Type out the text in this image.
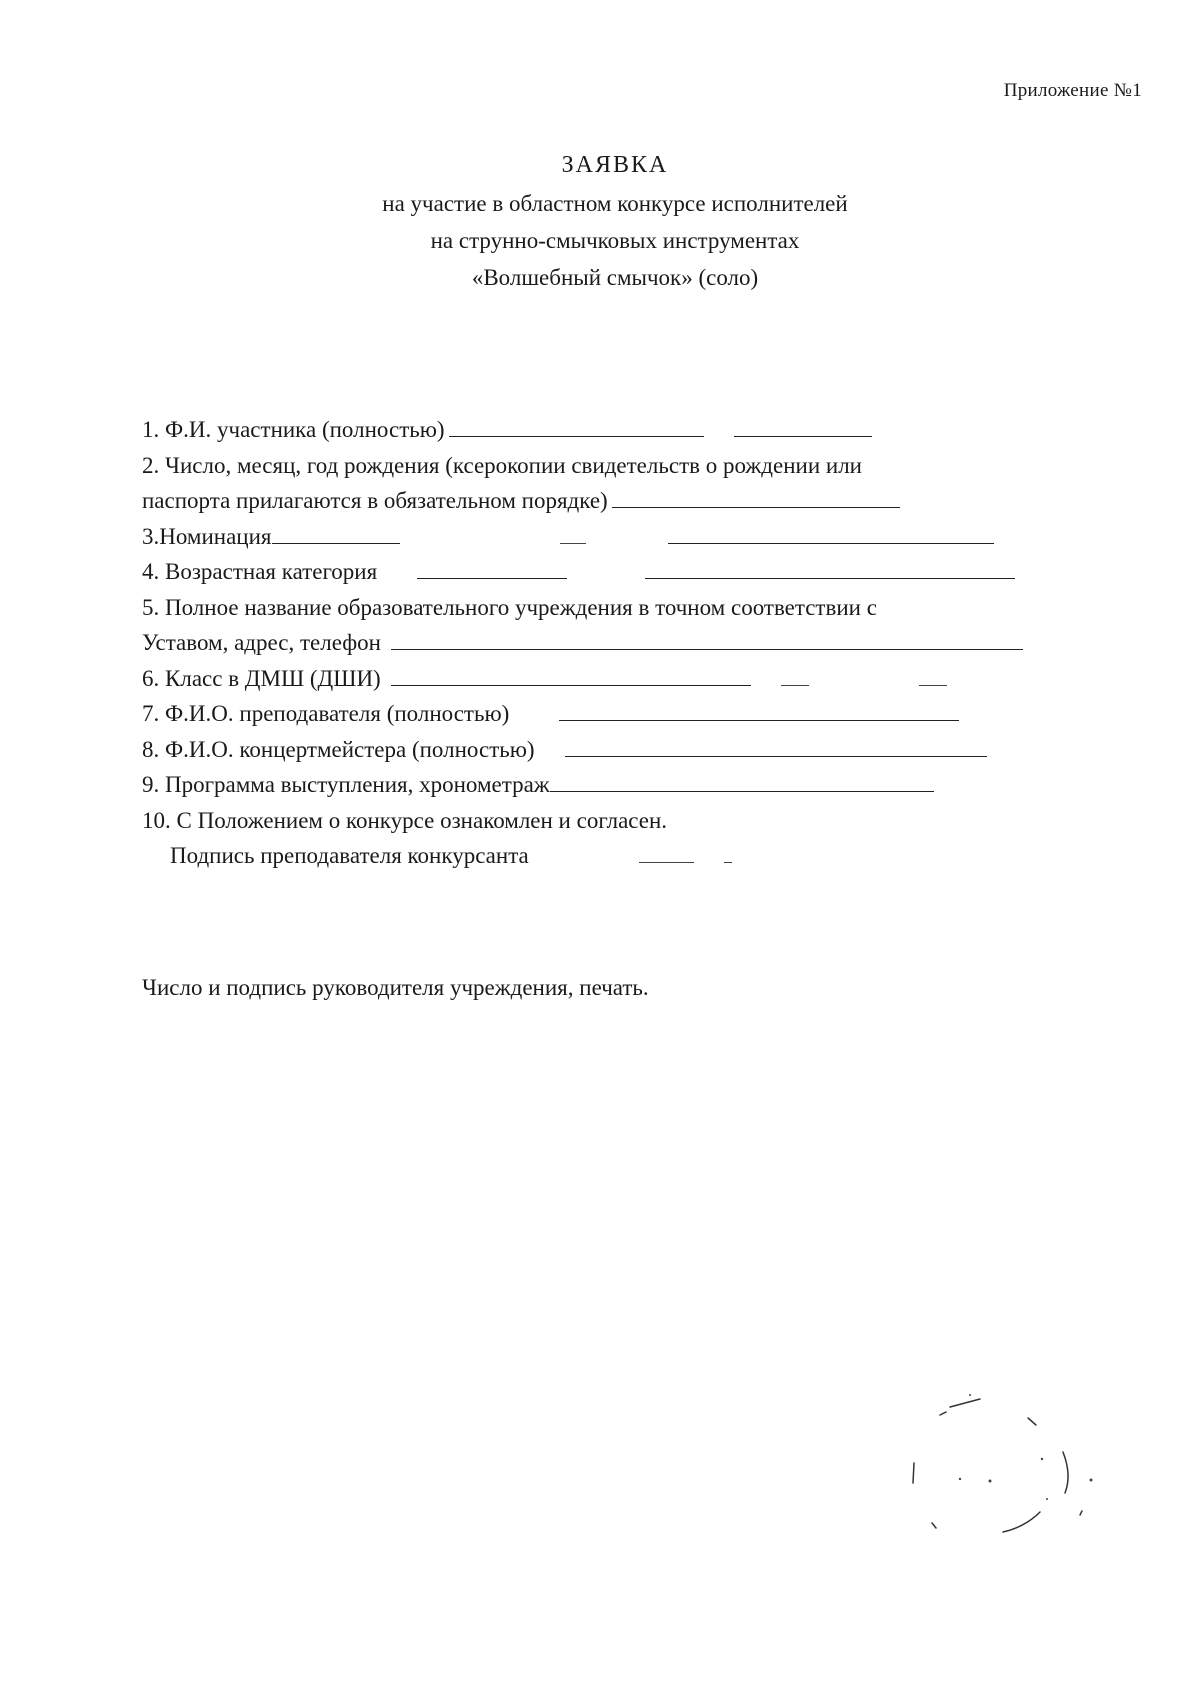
Приложение №1
ЗАЯВКА
на участие в областном конкурсе исполнителей
на струнно-смычковых инструментах
«Волшебный смычок» (соло)
1. Ф.И. участника (полностью)
2. Число, месяц, год рождения (ксерокопии свидетельств о рождении или
паспорта прилагаются в обязательном порядке)
3.Номинация
4. Возрастная категория
5. Полное название образовательного учреждения в точном соответствии с
Уставом, адрес, телефон
6. Класс в ДМШ (ДШИ)
7. Ф.И.О. преподавателя (полностью)
8. Ф.И.О. концертмейстера (полностью)
9. Программа выступления, хронометраж
10. С Положением о конкурсе ознакомлен и согласен.
Подпись преподавателя конкурсанта
Число и подпись руководителя учреждения, печать.
